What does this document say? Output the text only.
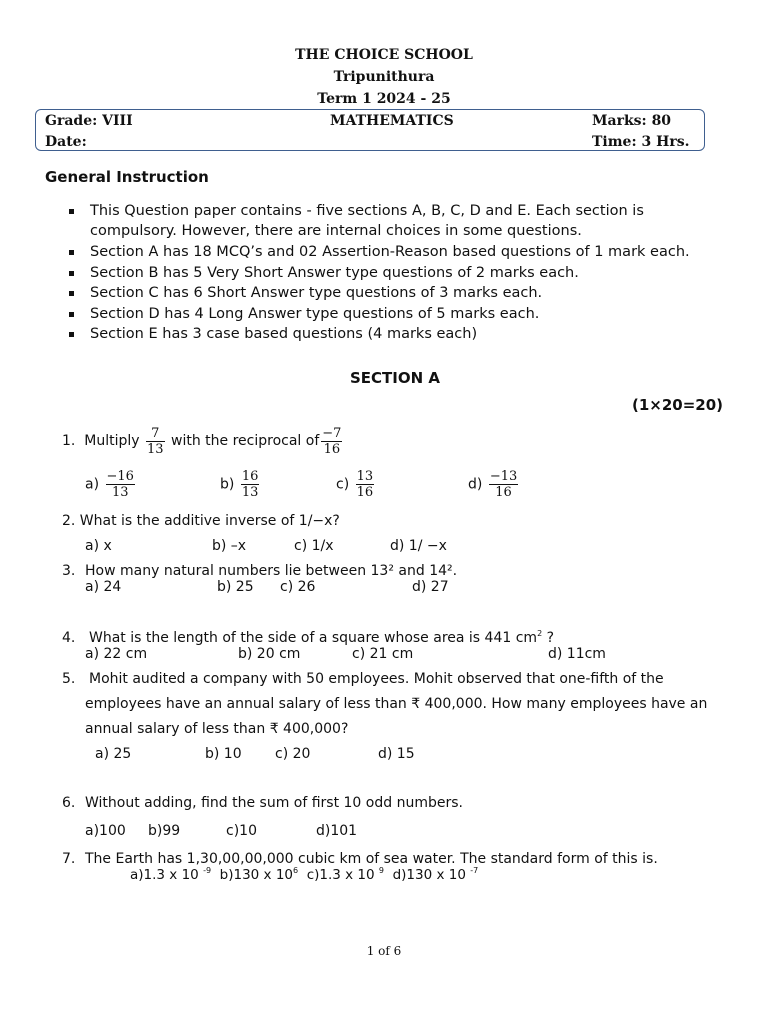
THE CHOICE SCHOOL
Tripunithura
Term 1 2024 - 25
Grade: VIII	MATHEMATICS	Marks: 80
Date:	Time: 3 Hrs.
General Instruction
This Question paper contains - five sections A, B, C, D and E. Each section is
compulsory. However, there are internal choices in some questions.
Section A has 18 MCQ’s and 02 Assertion-Reason based questions of 1 mark each.
Section B has 5 Very Short Answer type questions of 2 marks each.
Section C has 6 Short Answer type questions of 3 marks each.
Section D has 4 Long Answer type questions of 5 marks each.
Section E has 3 case based questions (4 marks each)
SECTION A
(1×20=20)
1. Multiply $\frac{7}{13}$ with the reciprocal of $\frac{-7}{16}$
$a) \frac{-16}{13}$	$b) \frac{16}{13}$	$c) \frac{13}{16}$	$d) \frac{-13}{16}$
2. What is the additive inverse of 1/−x?
a) x	b) –x	c) 1/x	d) 1/ −x
3. How many natural numbers lie between 13² and 14².
a) 24	b) 25 c) 26	d) 27
4. What is the length of the side of a square whose area is 441 $cm^2$ ?
a) 22 cm	b) 20 cm	c) 21 cm	d) 11cm
5. Mohit audited a company with 50 employees. Mohit observed that one-fifth of the
employees have an annual salary of less than ₹ 400,000. How many employees have an
annual salary of less than ₹ 400,000?
a) 25	b) 10 c) 20	d) 15
6. Without adding, find the sum of first 10 odd numbers.
a)100 b)99	c)10	d)101
7. The Earth has 1,30,00,00,000 cubic km of sea water. The standard form of this is.
a)1.3 x 10 $^{-9}$ b)130 x $10^6$ c)1.3 x 10 $^9$ d)130 x 10 $^{-7}$
1 of 6
